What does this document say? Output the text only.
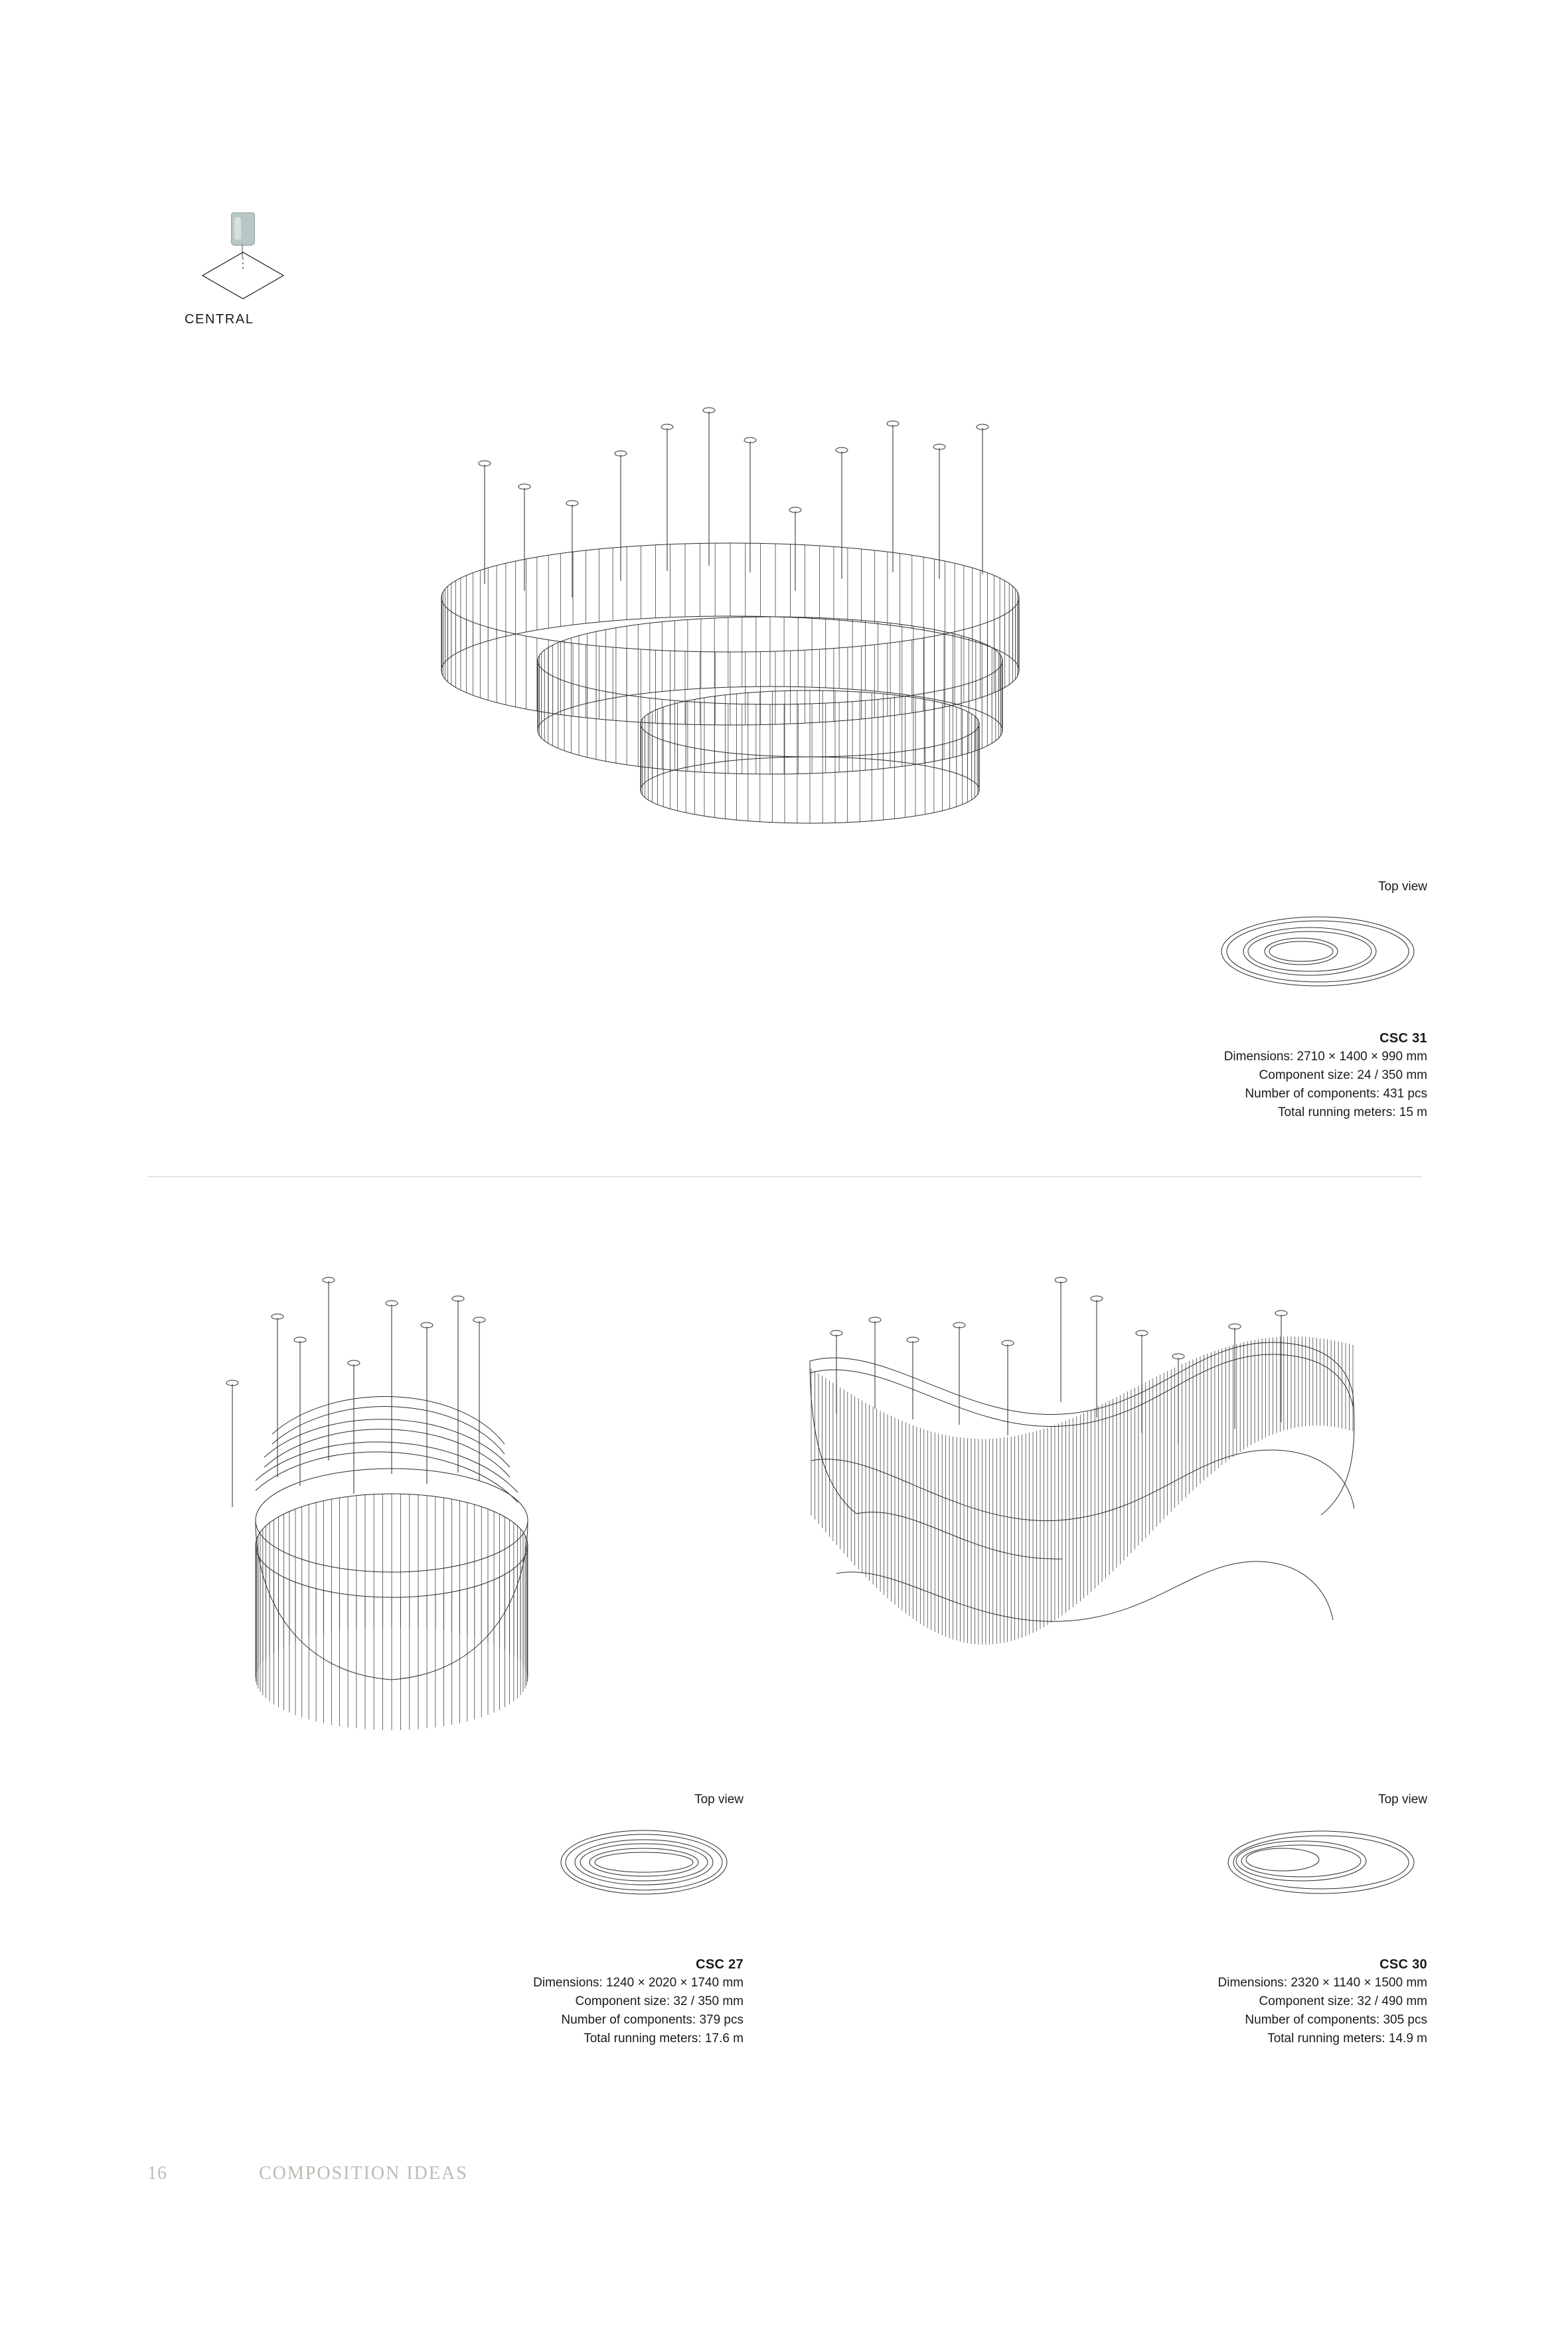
CENTRAL
Top view
CSC 31
Dimensions: 2710 × 1400 × 990 mm
Component size: 24 / 350 mm
Number of components: 431 pcs
Total running meters: 15 m
Top view
CSC 27
Dimensions: 1240 × 2020 × 1740 mm
Component size: 32 / 350 mm
Number of components: 379 pcs
Total running meters: 17.6 m
Top view
CSC 30
Dimensions: 2320 × 1140 × 1500 mm
Component size: 32 / 490 mm
Number of components: 305 pcs
Total running meters: 14.9 m
16	COMPOSITION IDEAS
